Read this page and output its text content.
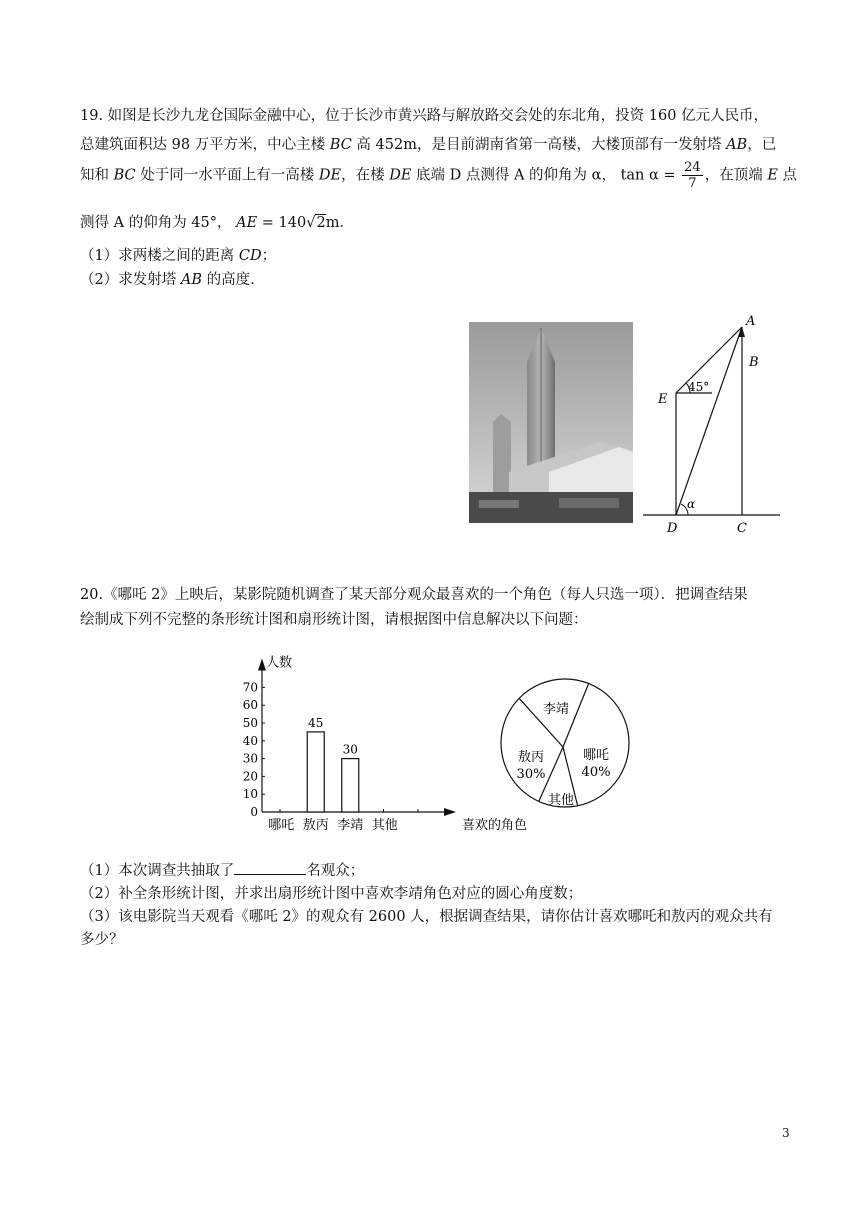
19. 如图是长沙九龙仓国际金融中心，位于长沙市黄兴路与解放路交会处的东北角，投资 160 亿元人民币，
总建筑面积达 98 万平方米，中心主楼 BC 高 452m，是目前湖南省第一高楼，大楼顶部有一发射塔 AB，已
知和 BC 处于同一水平面上有一高楼 DE，在楼 DE 底端 D 点测得 A 的仰角为 α， $\tan \alpha = \frac{24}{7}$ ，在顶端 E 点
测得 A 的仰角为 45°， AE = 140√2m．
（1）求两楼之间的距离 CD；
（2）求发射塔 AB 的高度．
A
B
E
D	C
45°
α
20.《哪吒 2》上映后，某影院随机调查了某天部分观众最喜欢的一个角色（每人只选一项）．把调查结果
绘制成下列不完整的条形统计图和扇形统计图，请根据图中信息解决以下问题：
人数
0
10
20
30
40
50
60
70
哪吒 敖丙
45
李靖
30
其他	喜欢的角色
李靖
哪吒
40%
其他
敖丙
30%
（1）本次调查共抽取了	名观众；
（2）补全条形统计图，并求出扇形统计图中喜欢李靖角色对应的圆心角度数；
（3）该电影院当天观看《哪吒 2》的观众有 2600 人，根据调查结果，请你估计喜欢哪吒和敖丙的观众共有
多少？
3
